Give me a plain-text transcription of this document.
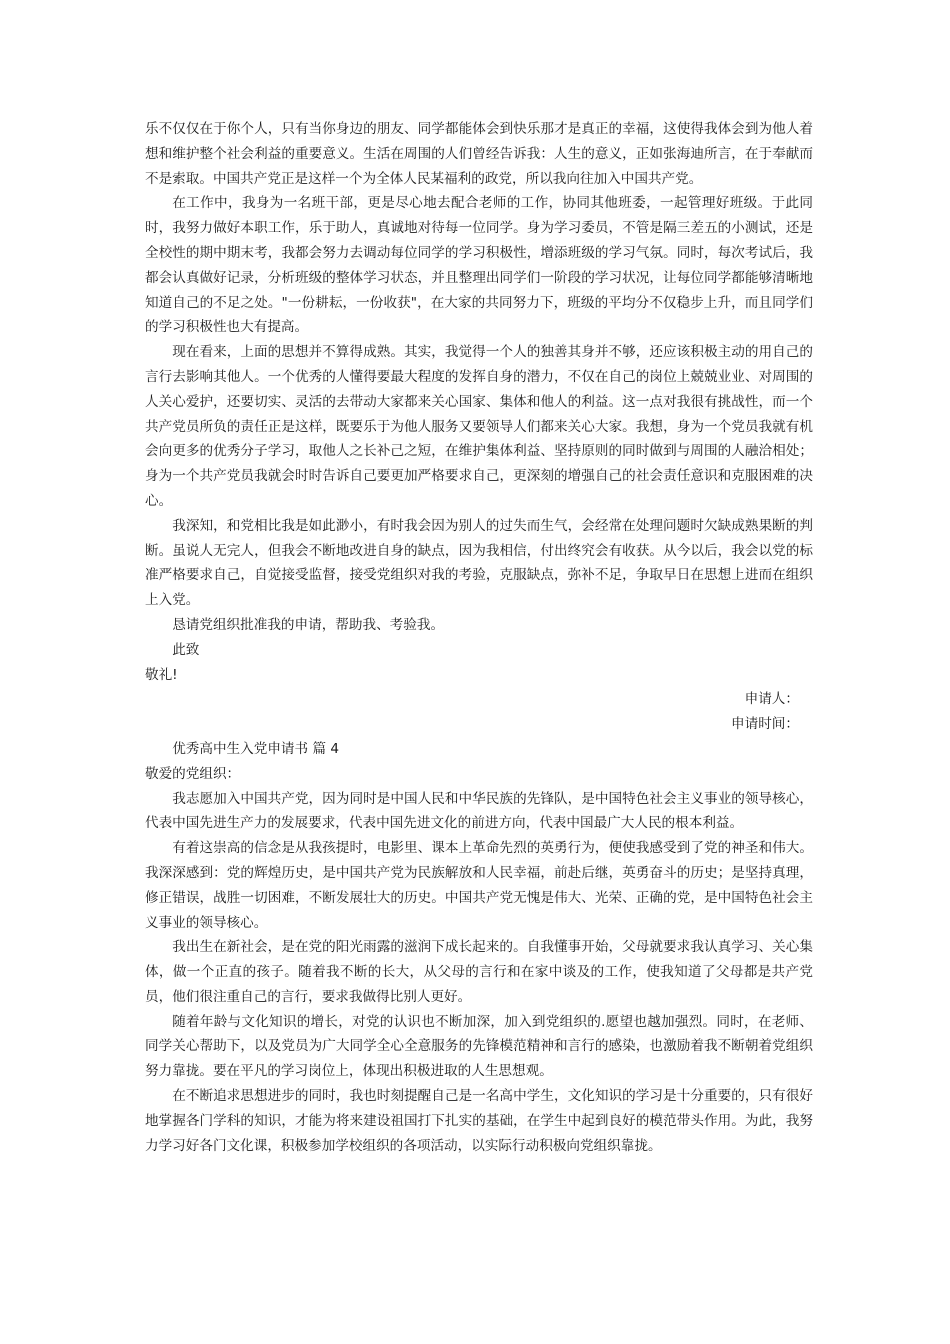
乐不仅仅在于你个人，只有当你身边的朋友、同学都能体会到快乐那才是真正的幸福，这使得我体会到为他人着想和维护整个社会利益的重要意义。生活在周围的人们曾经告诉我：人生的意义，正如张海迪所言，在于奉献而不是索取。中国共产党正是这样一个为全体人民某福利的政党，所以我向往加入中国共产党。

在工作中，我身为一名班干部，更是尽心地去配合老师的工作，协同其他班委，一起管理好班级。于此同时，我努力做好本职工作，乐于助人，真诚地对待每一位同学。身为学习委员，不管是隔三差五的小测试，还是全校性的期中期末考，我都会努力去调动每位同学的学习积极性，增添班级的学习气氛。同时，每次考试后，我都会认真做好记录，分析班级的整体学习状态，并且整理出同学们一阶段的学习状况，让每位同学都能够清晰地知道自己的不足之处。"一份耕耘，一份收获"，在大家的共同努力下，班级的平均分不仅稳步上升，而且同学们的学习积极性也大有提高。

现在看来，上面的思想并不算得成熟。其实，我觉得一个人的独善其身并不够，还应该积极主动的用自己的言行去影响其他人。一个优秀的人懂得要最大程度的发挥自身的潜力，不仅在自己的岗位上兢兢业业、对周围的人关心爱护，还要切实、灵活的去带动大家都来关心国家、集体和他人的利益。这一点对我很有挑战性，而一个共产党员所负的责任正是这样，既要乐于为他人服务又要领导人们都来关心大家。我想，身为一个党员我就有机会向更多的优秀分子学习，取他人之长补己之短，在维护集体利益、坚持原则的同时做到与周围的人融洽相处；身为一个共产党员我就会时时告诉自己要更加严格要求自己，更深刻的增强自己的社会责任意识和克服困难的决心。

我深知，和党相比我是如此渺小，有时我会因为别人的过失而生气，会经常在处理问题时欠缺成熟果断的判断。虽说人无完人，但我会不断地改进自身的缺点，因为我相信，付出终究会有收获。从今以后，我会以党的标准严格要求自己，自觉接受监督，接受党组织对我的考验，克服缺点，弥补不足，争取早日在思想上进而在组织上入党。

恳请党组织批准我的申请，帮助我、考验我。

此致

敬礼!

申请人：

申请时间：

优秀高中生入党申请书 篇 4

敬爱的党组织：

我志愿加入中国共产党，因为同时是中国人民和中华民族的先锋队，是中国特色社会主义事业的领导核心，代表中国先进生产力的发展要求，代表中国先进文化的前进方向，代表中国最广大人民的根本利益。

有着这崇高的信念是从我孩提时，电影里、课本上革命先烈的英勇行为，便使我感受到了党的神圣和伟大。我深深感到：党的辉煌历史，是中国共产党为民族解放和人民幸福，前赴后继，英勇奋斗的历史；是坚持真理，修正错误，战胜一切困难，不断发展壮大的历史。中国共产党无愧是伟大、光荣、正确的党，是中国特色社会主义事业的领导核心。

我出生在新社会，是在党的阳光雨露的滋润下成长起来的。自我懂事开始，父母就要求我认真学习、关心集体，做一个正直的孩子。随着我不断的长大，从父母的言行和在家中谈及的工作，使我知道了父母都是共产党员，他们很注重自己的言行，要求我做得比别人更好。

随着年龄与文化知识的增长，对党的认识也不断加深，加入到党组织的.愿望也越加强烈。同时，在老师、同学关心帮助下，以及党员为广大同学全心全意服务的先锋模范精神和言行的感染，也激励着我不断朝着党组织努力靠拢。要在平凡的学习岗位上，体现出积极进取的人生思想观。

在不断追求思想进步的同时，我也时刻提醒自己是一名高中学生，文化知识的学习是十分重要的，只有很好地掌握各门学科的知识，才能为将来建设祖国打下扎实的基础，在学生中起到良好的模范带头作用。为此，我努力学习好各门文化课，积极参加学校组织的各项活动，以实际行动积极向党组织靠拢。
